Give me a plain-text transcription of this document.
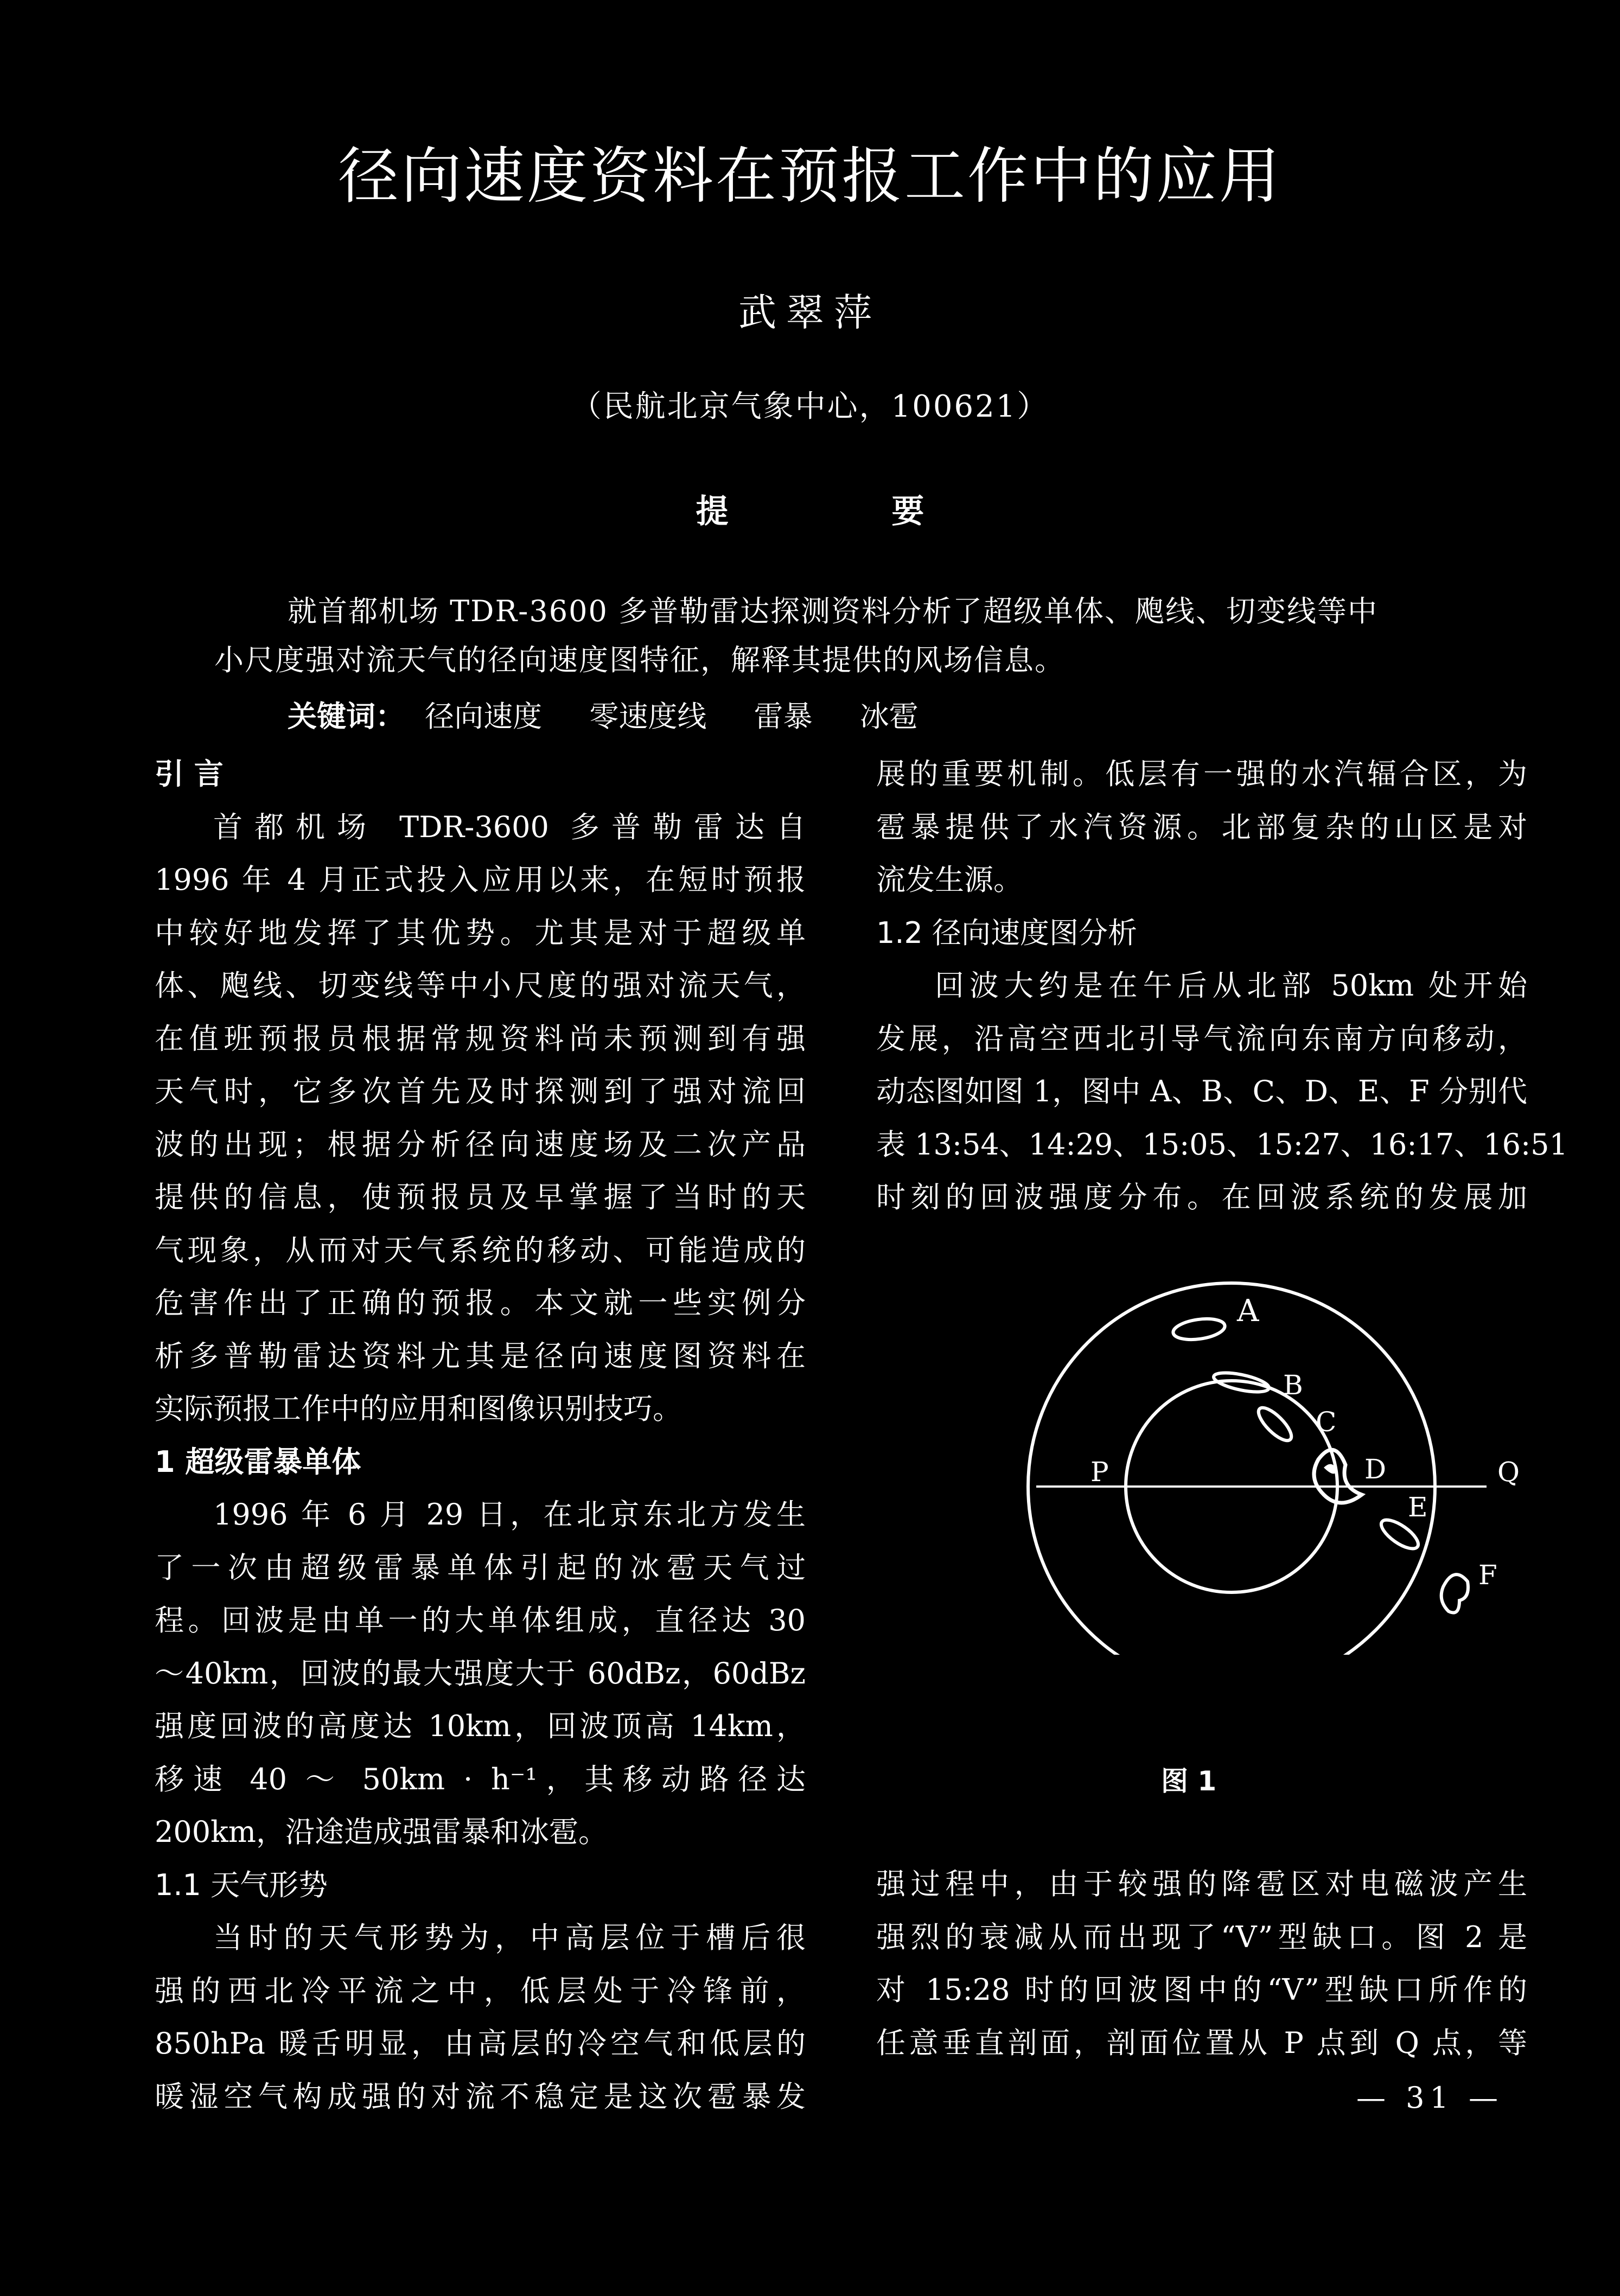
径向速度资料在预报工作中的应用
武翠萍
（民航北京气象中心，100621）
提 要
就首都机场 TDR-3600 多普勒雷达探测资料分析了超级单体、飑线、切变线等中
小尺度强对流天气的径向速度图特征，解释其提供的风场信息。
关键词： 径向速度 零速度线 雷暴 冰雹

引 言

首都机场 TDR-3600 多普勒雷达自

1996 年 4 月正式投入应用以来，在短时预报

中较好地发挥了其优势。尤其是对于超级单

体、飑线、切变线等中小尺度的强对流天气，

在值班预报员根据常规资料尚未预测到有强

天气时，它多次首先及时探测到了强对流回

波的出现；根据分析径向速度场及二次产品

提供的信息，使预报员及早掌握了当时的天

气现象，从而对天气系统的移动、可能造成的

危害作出了正确的预报。本文就一些实例分

析多普勒雷达资料尤其是径向速度图资料在

实际预报工作中的应用和图像识别技巧。

1 超级雷暴单体

1996 年 6 月 29 日，在北京东北方发生

了一次由超级雷暴单体引起的冰雹天气过

程。回波是由单一的大单体组成，直径达 30

～40km，回波的最大强度大于 60dBz，60dBz

强度回波的高度达 10km，回波顶高 14km，

移速 40 ～ 50km · h⁻¹，其移动路径达

200km，沿途造成强雷暴和冰雹。

1.1 天气形势

当时的天气形势为，中高层位于槽后很

强的西北冷平流之中，低层处于冷锋前，

850hPa 暖舌明显，由高层的冷空气和低层的

暖湿空气构成强的对流不稳定是这次雹暴发

展的重要机制。低层有一强的水汽辐合区，为

雹暴提供了水汽资源。北部复杂的山区是对

流发生源。

1.2 径向速度图分析

回波大约是在午后从北部 50km 处开始

发展，沿高空西北引导气流向东南方向移动，

动态图如图 1，图中 A、B、C、D、E、F 分别代

表 13:54、14:29、15:05、15:27、16:17、16:51

时刻的回波强度分布。在回波系统的发展加

A
B
C
D
E
F
P	Q
图 1

强过程中，由于较强的降雹区对电磁波产生

强烈的衰减从而出现了“V”型缺口。图 2 是

对 15:28 时的回波图中的“V”型缺口所作的

任意垂直剖面，剖面位置从 P 点到 Q 点，等

— 31 —
